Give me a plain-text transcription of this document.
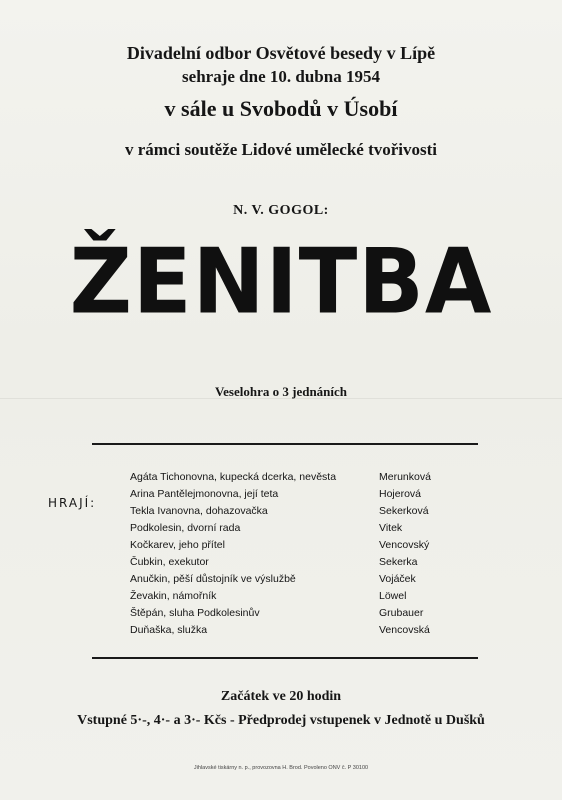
Divadelní odbor Osvětové besedy v Lípě
sehraje dne 10. dubna 1954
v sále u Svobodů v Úsobí
v rámci soutěže Lidové umělecké tvořivosti
N. V. GOGOL:
ŽENITBA
Veselohra o 3 jednáních
HRAJÍ:
Agáta Tichonovna, kupecká dcerka, nevěsta	Merunková
Arina Pantělejmonovna, její teta	Hojerová
Tekla Ivanovna, dohazovačka	Sekerková
Podkolesin, dvorní rada	Vitek
Kočkarev, jeho přítel	Vencovský
Čubkin, exekutor	Sekerka
Anučkin, pěší důstojník ve výslužbě	Vojáček
Ževakin, námořník	Löwel
Štěpán, sluha Podkolesinův	Grubauer
Duňaška, služka	Vencovská
Začátek ve 20 hodin
Vstupné 5·-, 4·- a 3·- Kčs - Předprodej vstupenek v Jednotě u Dušků
Jihlavské tiskárny n. p., provozovna H. Brod. Povoleno ONV č. P 30100
